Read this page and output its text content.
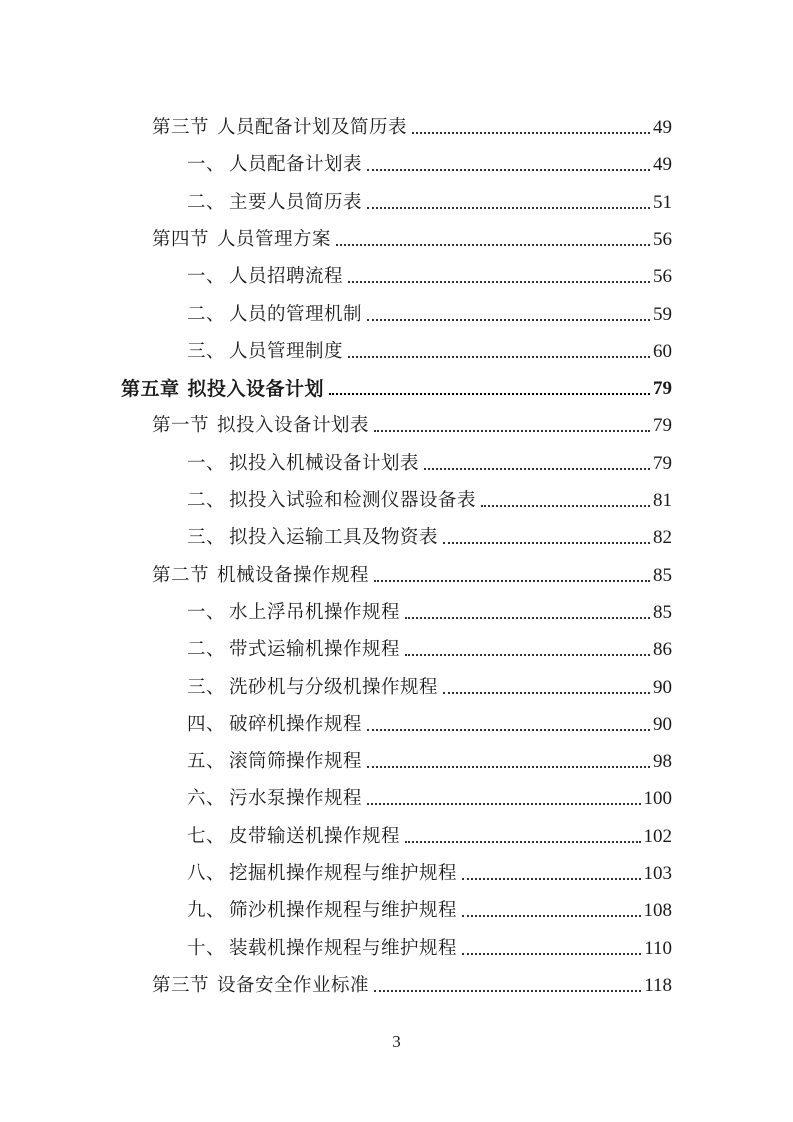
第三节 人员配备计划及简历表	49
一、 人员配备计划表	49
二、 主要人员简历表	51
第四节 人员管理方案	56
一、 人员招聘流程	56
二、 人员的管理机制	59
三、 人员管理制度	60
第五章 拟投入设备计划	79
第一节 拟投入设备计划表	79
一、 拟投入机械设备计划表	79
二、 拟投入试验和检测仪器设备表	81
三、 拟投入运输工具及物资表	82
第二节 机械设备操作规程	85
一、 水上浮吊机操作规程	85
二、 带式运输机操作规程	86
三、 洗砂机与分级机操作规程	90
四、 破碎机操作规程	90
五、 滚筒筛操作规程	98
六、 污水泵操作规程	100
七、 皮带输送机操作规程	102
八、 挖掘机操作规程与维护规程	103
九、 筛沙机操作规程与维护规程	108
十、 装载机操作规程与维护规程	110
第三节 设备安全作业标准	118
3
